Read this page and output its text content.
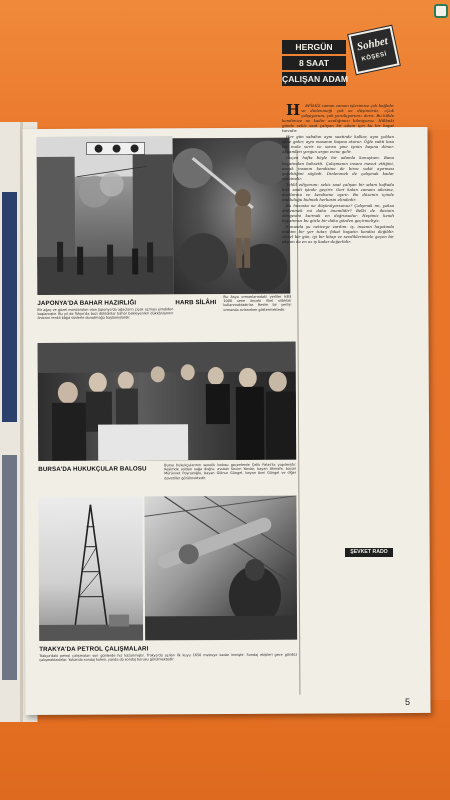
JAPONYA'DA BAHAR HAZIRLIĞI
Bir ağaç ve güzel manzaraları olan Japonya'da ağaçların çiçek açması şimdiden başlamıştır. Bu yıl da Tokyo'da bazı dükkânlar bahar bekleyenleri dükkânlarının önlerini renkli kâğıt süslerle donatmağa başlamışlardır.
HARB SİLÂHI
Bu Asya ormanlarındaki yerliler hâlâ 1000 sene önceki ilkel silâhları kullanmaktadırlar. Resim bir yerliyi ormanda avlanırken göstermektedir.
BURSA'DA HUKUKÇULAR BALOSU
Bursa hukukçularının senelik balosu geçenlerde Çelik Palas'ta yapılmıştır. Resimde soldan sağa doğru: avukat Sevim Yardar, bayan Akmafe, bayan Mürüvvet Poyrazoğlu, bayan Gülnur Güngel, bayan Avni Güngel ve diğer davetliler görülmektedir.
TRAKYA'DA PETROL ÇALIŞMALARI
Trakya'daki petrol çalışmaları son günlerde hız kazanmıştır. Trakya'da açılan ilk kuyu 1650 metreye kadar inmiştir. Sondaj ekipleri gece gündüz çalışmaktadırlar. Yukarıda sondaj kulesi, yanda da sondaj borusu görülmektedir.
Sohbet
KÖŞESİ
HERGÜN
8 SAAT
ÇALIŞAN ADAM

H EPİMİZ zaman zaman işlerimize çok bağlıdır ve dinlenmeği çok az düşünürüz. «Çok çalışıyorum, çok yoruluyorum» deriz. Bu hâlde kendimize ne kadar acıdığımızı bilmiyoruz. Hâlbuki günde sekiz saat çalışan bir adam için bu bir hayat tarzıdır.

Her gün sabahın aynı saatinde kalkar, aynı yoldan işine gider, aynı masanın başına oturur. Öğle vakti kısa bir mola verir ve sonra yine işinin başına döner. Akşamları yorgun argın evine gelir.

Geçen hafta böyle bir adamla konuştum. Bana hayatından bahsetti. Çalışmanın insanı mesut ettiğini, ancak insanın kendisine de biraz vakit ayırması gerektiğini söyledi. Dinlenmek de çalışmak kadar mühimdir.

Tahlil ediyorum: sekiz saat çalışan bir adam haftada kırk saati işinde geçirir. Geri kalan zamanı ailesine, dostlarına ve kendisine ayırır. Bu düzenin içinde mutluluğu bulmak herkesin elindedir.

Bu hususta ne düşünüyorsunuz? Çalışmak mı, yoksa dinlenmek mi daha önemlidir? Belki de ikisinin dengesini kurmak en doğrusudur. Hepimiz kendi hayatımızı bu gözle bir daha gözden geçirmeliyiz.

Sonunda şu neticeye vardım: iş, insanın hayatında mühim bir yer tutar, fakat hayatın kendisi değildir. Güzel bir gün, iyi bir kitap ve sevdiklerimizle geçen bir akşam da en az iş kadar değerlidir.

ŞEVKET RADO
5
